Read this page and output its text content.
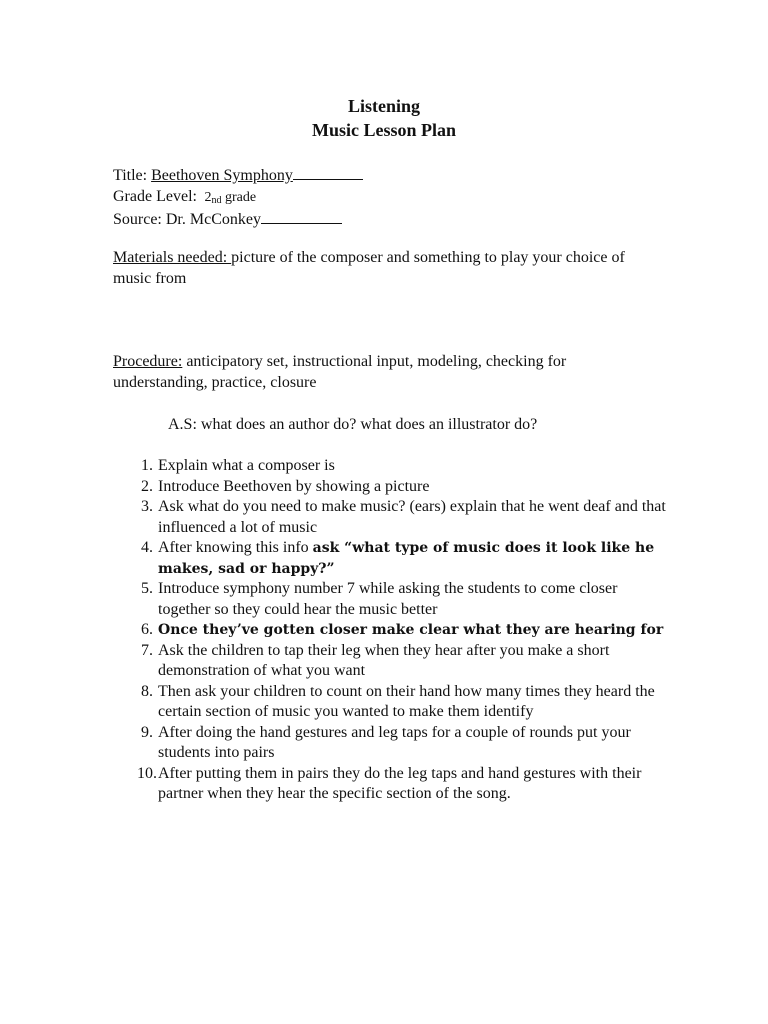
Listening
Music Lesson Plan
Title: Beethoven Symphony
Grade Level: 2nd grade
Source: Dr. McConkey
Materials needed: picture of the composer and something to play your choice of music from
Procedure: anticipatory set, instructional input, modeling, checking for understanding, practice, closure
A.S: what does an author do? what does an illustrator do?
1. Explain what a composer is
2. Introduce Beethoven by showing a picture
3. Ask what do you need to make music? (ears) explain that he went deaf and that influenced a lot of music
4. After knowing this info ask “what type of music does it look like he makes, sad or happy?”
5. Introduce symphony number 7 while asking the students to come closer together so they could hear the music better
6. Once they’ve gotten closer make clear what they are hearing for
7. Ask the children to tap their leg when they hear after you make a short demonstration of what you want
8. Then ask your children to count on their hand how many times they heard the certain section of music you wanted to make them identify
9. After doing the hand gestures and leg taps for a couple of rounds put your students into pairs
10. After putting them in pairs they do the leg taps and hand gestures with their partner when they hear the specific section of the song.
